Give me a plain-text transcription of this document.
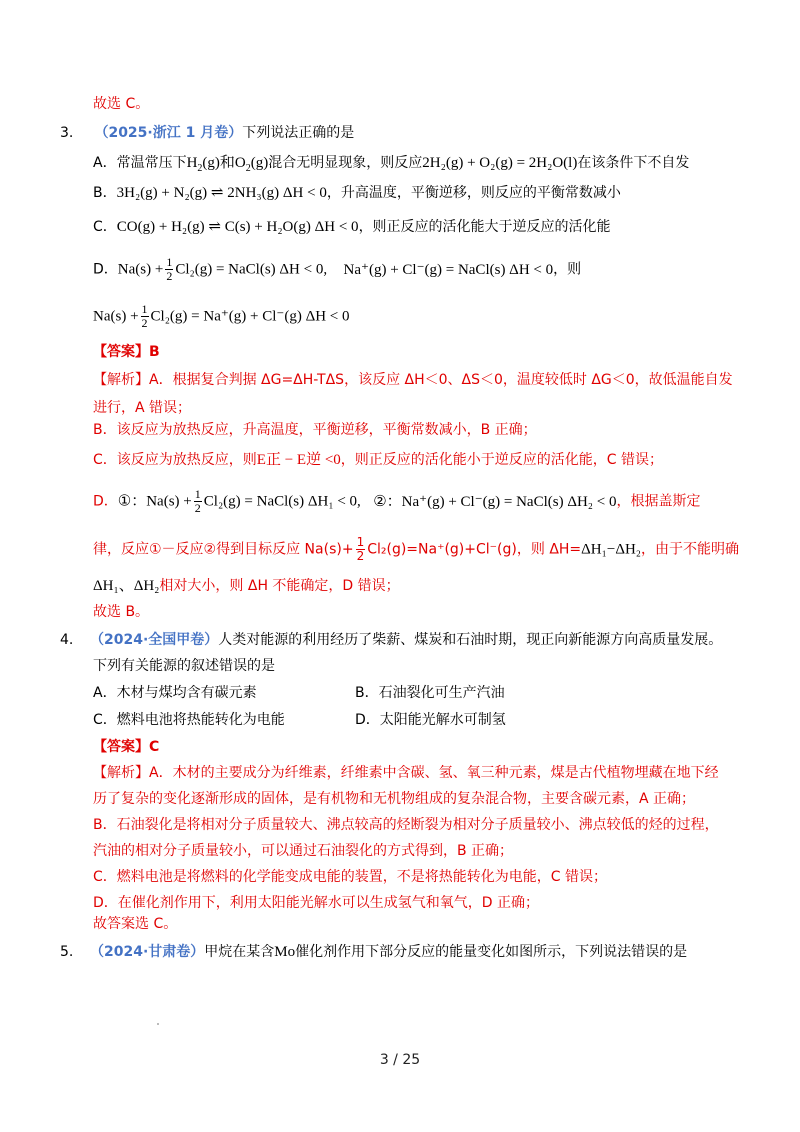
故选 C。
3. （2025·浙江 1 月卷）下列说法正确的是
A．常温常压下$H_2(g)$和$O_2(g)$混合无明显现象，则反应2H₂(g) + O₂(g) = 2H₂O(l)在该条件下不自发
B．3H₂(g) + N₂(g) ⇌ 2NH₃(g) ΔH < 0，升高温度，平衡逆移，则反应的平衡常数减小
C．CO(g) + H₂(g) ⇌ C(s) + H₂O(g) ΔH < 0，则正反应的活化能大于逆反应的活化能
D．$Na(s) + \frac{1}{2} Cl_2(g)$ = NaCl(s) ΔH < 0, Na⁺(g) + Cl⁻(g) = NaCl(s) ΔH < 0，则
$Na(s) + \frac{1}{2} Cl_2(g) = Na^+(g) + Cl^-(g) \Delta H < 0$
【答案】B
【解析】A．根据复合判据 ΔG=ΔH-TΔS，该反应 ΔH＜0、ΔS＜0，温度较低时 ΔG＜0，故低温能自发
进行，A 错误；
B．该反应为放热反应，升高温度，平衡逆移，平衡常数减小，B 正确；
C．该反应为放热反应，则E正 − E逆 <0，则正反应的活化能小于逆反应的活化能，C 错误；
D．①：$Na(s) + \frac{1}{2} Cl_2(g)$ = NaCl(s) ΔH₁ < 0, ②：Na⁺(g) + Cl⁻(g) = NaCl(s) ΔH₂ < 0，根据盖斯定
律，反应①－反应②得到目标反应 $Na(s)+ \frac{1}{2} Cl_2(g)=Na^+(g)+Cl^-(g)$，则 ΔH=ΔH₁−ΔH₂，由于不能明确
ΔH₁、ΔH₂相对大小，则 ΔH 不能确定，D 错误；
故选 B。
4. （2024·全国甲卷）人类对能源的利用经历了柴薪、煤炭和石油时期，现正向新能源方向高质量发展。
下列有关能源的叙述错误的是
A．木材与煤均含有碳元素	B．石油裂化可生产汽油
C．燃料电池将热能转化为电能	D．太阳能光解水可制氢
【答案】C
【解析】A．木材的主要成分为纤维素，纤维素中含碳、氢、氧三种元素，煤是古代植物埋藏在地下经
历了复杂的变化逐渐形成的固体，是有机物和无机物组成的复杂混合物，主要含碳元素，A 正确；
B．石油裂化是将相对分子质量较大、沸点较高的烃断裂为相对分子质量较小、沸点较低的烃的过程，
汽油的相对分子质量较小，可以通过石油裂化的方式得到，B 正确；
C．燃料电池是将燃料的化学能变成电能的装置，不是将热能转化为电能，C 错误；
D．在催化剂作用下，利用太阳能光解水可以生成氢气和氧气，D 正确；
故答案选 C。
5. （2024·甘肃卷）甲烷在某含Mo催化剂作用下部分反应的能量变化如图所示，下列说法错误的是
3 / 25
